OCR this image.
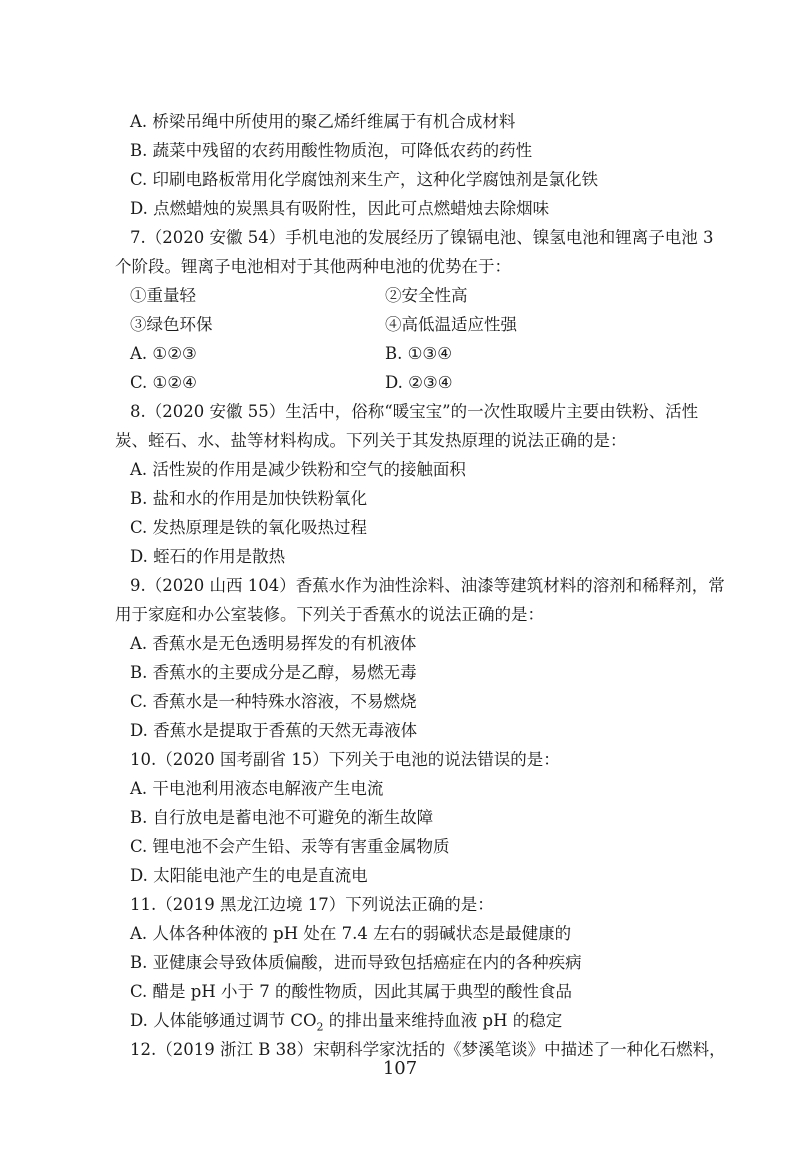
A. 桥梁吊绳中所使用的聚乙烯纤维属于有机合成材料
B. 蔬菜中残留的农药用酸性物质泡，可降低农药的药性
C. 印刷电路板常用化学腐蚀剂来生产，这种化学腐蚀剂是氯化铁
D. 点燃蜡烛的炭黑具有吸附性，因此可点燃蜡烛去除烟味
7.（2020 安徽 54）手机电池的发展经历了镍镉电池、镍氢电池和锂离子电池 3
个阶段。锂离子电池相对于其他两种电池的优势在于：
①重量轻	②安全性高
③绿色环保	④高低温适应性强
A. ①②③	B. ①③④
C. ①②④	D. ②③④
8.（2020 安徽 55）生活中，俗称“暖宝宝”的一次性取暖片主要由铁粉、活性
炭、蛭石、水、盐等材料构成。下列关于其发热原理的说法正确的是：
A. 活性炭的作用是减少铁粉和空气的接触面积
B. 盐和水的作用是加快铁粉氧化
C. 发热原理是铁的氧化吸热过程
D. 蛭石的作用是散热
9.（2020 山西 104）香蕉水作为油性涂料、油漆等建筑材料的溶剂和稀释剂，常
用于家庭和办公室装修。下列关于香蕉水的说法正确的是：
A. 香蕉水是无色透明易挥发的有机液体
B. 香蕉水的主要成分是乙醇，易燃无毒
C. 香蕉水是一种特殊水溶液，不易燃烧
D. 香蕉水是提取于香蕉的天然无毒液体
10.（2020 国考副省 15）下列关于电池的说法错误的是：
A. 干电池利用液态电解液产生电流
B. 自行放电是蓄电池不可避免的渐生故障
C. 锂电池不会产生铅、汞等有害重金属物质
D. 太阳能电池产生的电是直流电
11.（2019 黑龙江边境 17）下列说法正确的是：
A. 人体各种体液的 pH 处在 7.4 左右的弱碱状态是最健康的
B. 亚健康会导致体质偏酸，进而导致包括癌症在内的各种疾病
C. 醋是 pH 小于 7 的酸性物质，因此其属于典型的酸性食品
D. 人体能够通过调节 $CO_2$ 的排出量来维持血液 pH 的稳定
12.（2019 浙江 B 38）宋朝科学家沈括的《梦溪笔谈》中描述了一种化石燃料，
107
